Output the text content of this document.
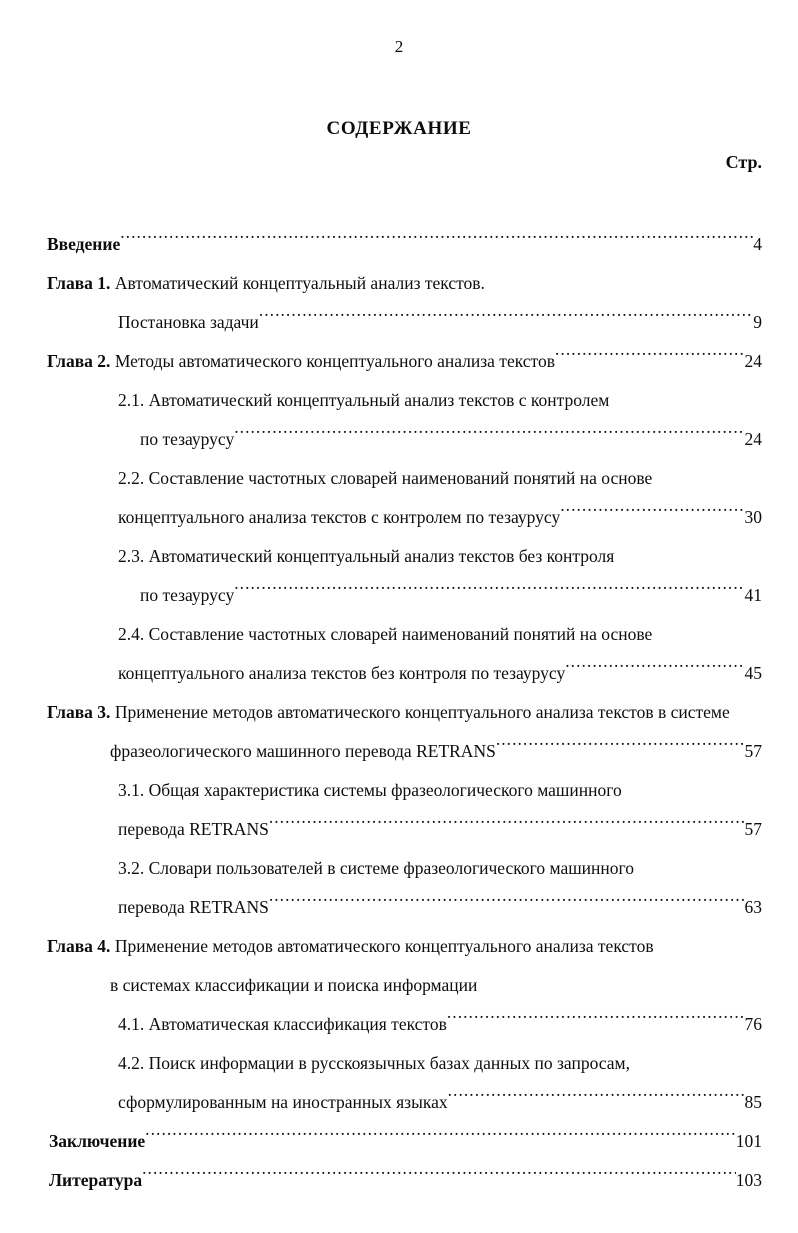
2
СОДЕРЖАНИЕ
Стр.
Введение .....	4
Глава 1. Автоматический концептуальный анализ текстов.
Постановка задачи .....	9
Глава 2. Методы автоматического концептуального анализа текстов .....	24
2.1. Автоматический концептуальный анализ текстов с контролем
по тезаурусу .....	24
2.2. Составление частотных словарей наименований понятий на основе
концептуального анализа текстов с контролем по тезаурусу .....	30
2.3. Автоматический концептуальный анализ текстов без контроля
по тезаурусу .....	41
2.4. Составление частотных словарей наименований понятий на основе
концептуального анализа текстов без контроля по тезаурусу .....	45
Глава 3. Применение методов автоматического концептуального анализа текстов в системе
фразеологического машинного перевода RETRANS .....	57
3.1. Общая характеристика системы фразеологического машинного
перевода RETRANS .....	57
3.2. Словари пользователей в системе фразеологического машинного
перевода RETRANS .....	63
Глава 4. Применение методов автоматического концептуального анализа текстов
в системах классификации и поиска информации
4.1. Автоматическая классификация текстов .....	76
4.2. Поиск информации в русскоязычных базах данных по запросам,
сформулированным на иностранных языках .....	85
Заключение .....	101
Литература .....	103
